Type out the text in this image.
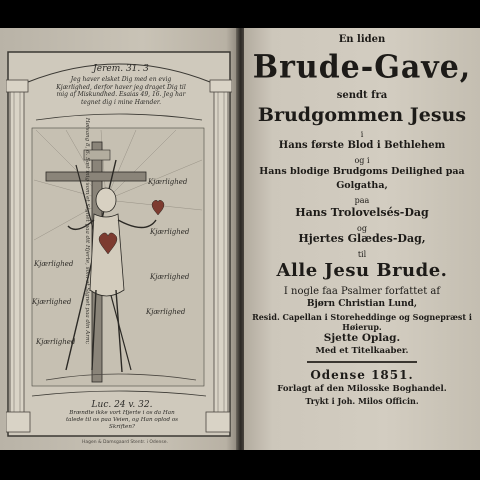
Jerem. 31. 3
Jeg haver elsket Dig med en evig Kjærlighed, derfor haver jeg draget Dig til mig af Miskundhed. Esaias 49, 16. Jeg har tegnet dig i mine Hænder.
Kjærlighed
Kjærlighed
Kjærlighed
Kjærlighed
Kjærlighed
Kjærlighed
Kjærlighed Høisang 8, 6. Sæt mig som et Signet paa dit Hjerte, som et Signet paa din Arm;
Luc. 24 v. 32.
Brændte ikke vort Hjerte i os da Han talede til os paa Veien, og Han oplod os Skriften?
Hagen & Damsgaard Stentr. i Odense.
En liden
Brude-Gave,
sendt fra
Brudgommen Jesus
i
Hans første Blod i Bethlehem
og i
Hans blodige Brudgoms Deilighed paa
Golgatha,
paa
Hans Trolovelsés-Dag
og
Hjertes Glædes-Dag,
til
Alle Jesu Brude.
I nogle faa Psalmer forfattet af
Bjørn Christian Lund,
Resid. Capellan i Storeheddinge og Sognepræst i Høierup.
Sjette Oplag.
Med et Titelkaaber.
Odense 1851.
Forlagt af den Milosske Boghandel.
Trykt i Joh. Milos Officin.
